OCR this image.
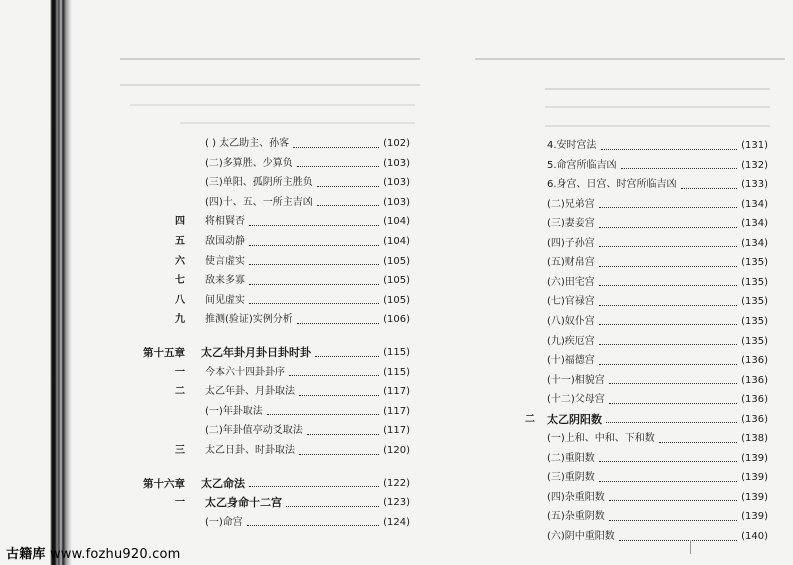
( ) 太乙助主、孙客	(102)
(二)多算胜、少算负	(103)
(三)单阳、孤阴所主胜负	(103)
(四)十、五、一所主吉凶	(103)
四	将相賢否	(104)
五	敌国动静	(104)
六	使言虚实	(105)
七	敌来多寡	(105)
八	间见虚实	(105)
九	推测(验证)实例分析	(106)
第十五章	太乙年卦月卦日卦时卦	(115)
一	今本六十四卦卦序	(115)
二	太乙年卦、月卦取法	(117)
(一)年卦取法	(117)
(二)年卦值亭动爻取法	(117)
三	太乙日卦、时卦取法	(120)
第十六章	太乙命法	(122)
一	太乙身命十二宫	(123)
(一)命宫	(124)
4.安时宫法	(131)
5.命宫所临吉凶	(132)
6.身宫、日宫、时宫所临吉凶	(133)
(二)兄弟宫	(134)
(三)妻妾宫	(134)
(四)子孙宫	(134)
(五)财帛宫	(135)
(六)田宅宫	(135)
(七)官禄宫	(135)
(八)奴仆宫	(135)
(九)疾厄宫	(135)
(十)福德宫	(136)
(十一)相貌宫	(136)
(十二)父母宫	(136)
二	太乙阴阳数	(136)
(一)上和、中和、下和数	(138)
(二)重阳数	(139)
(三)重阴数	(139)
(四)杂重阳数	(139)
(五)杂重阴数	(139)
(六)阴中重阳数	(140)
古籍库 www.fozhu920.com
